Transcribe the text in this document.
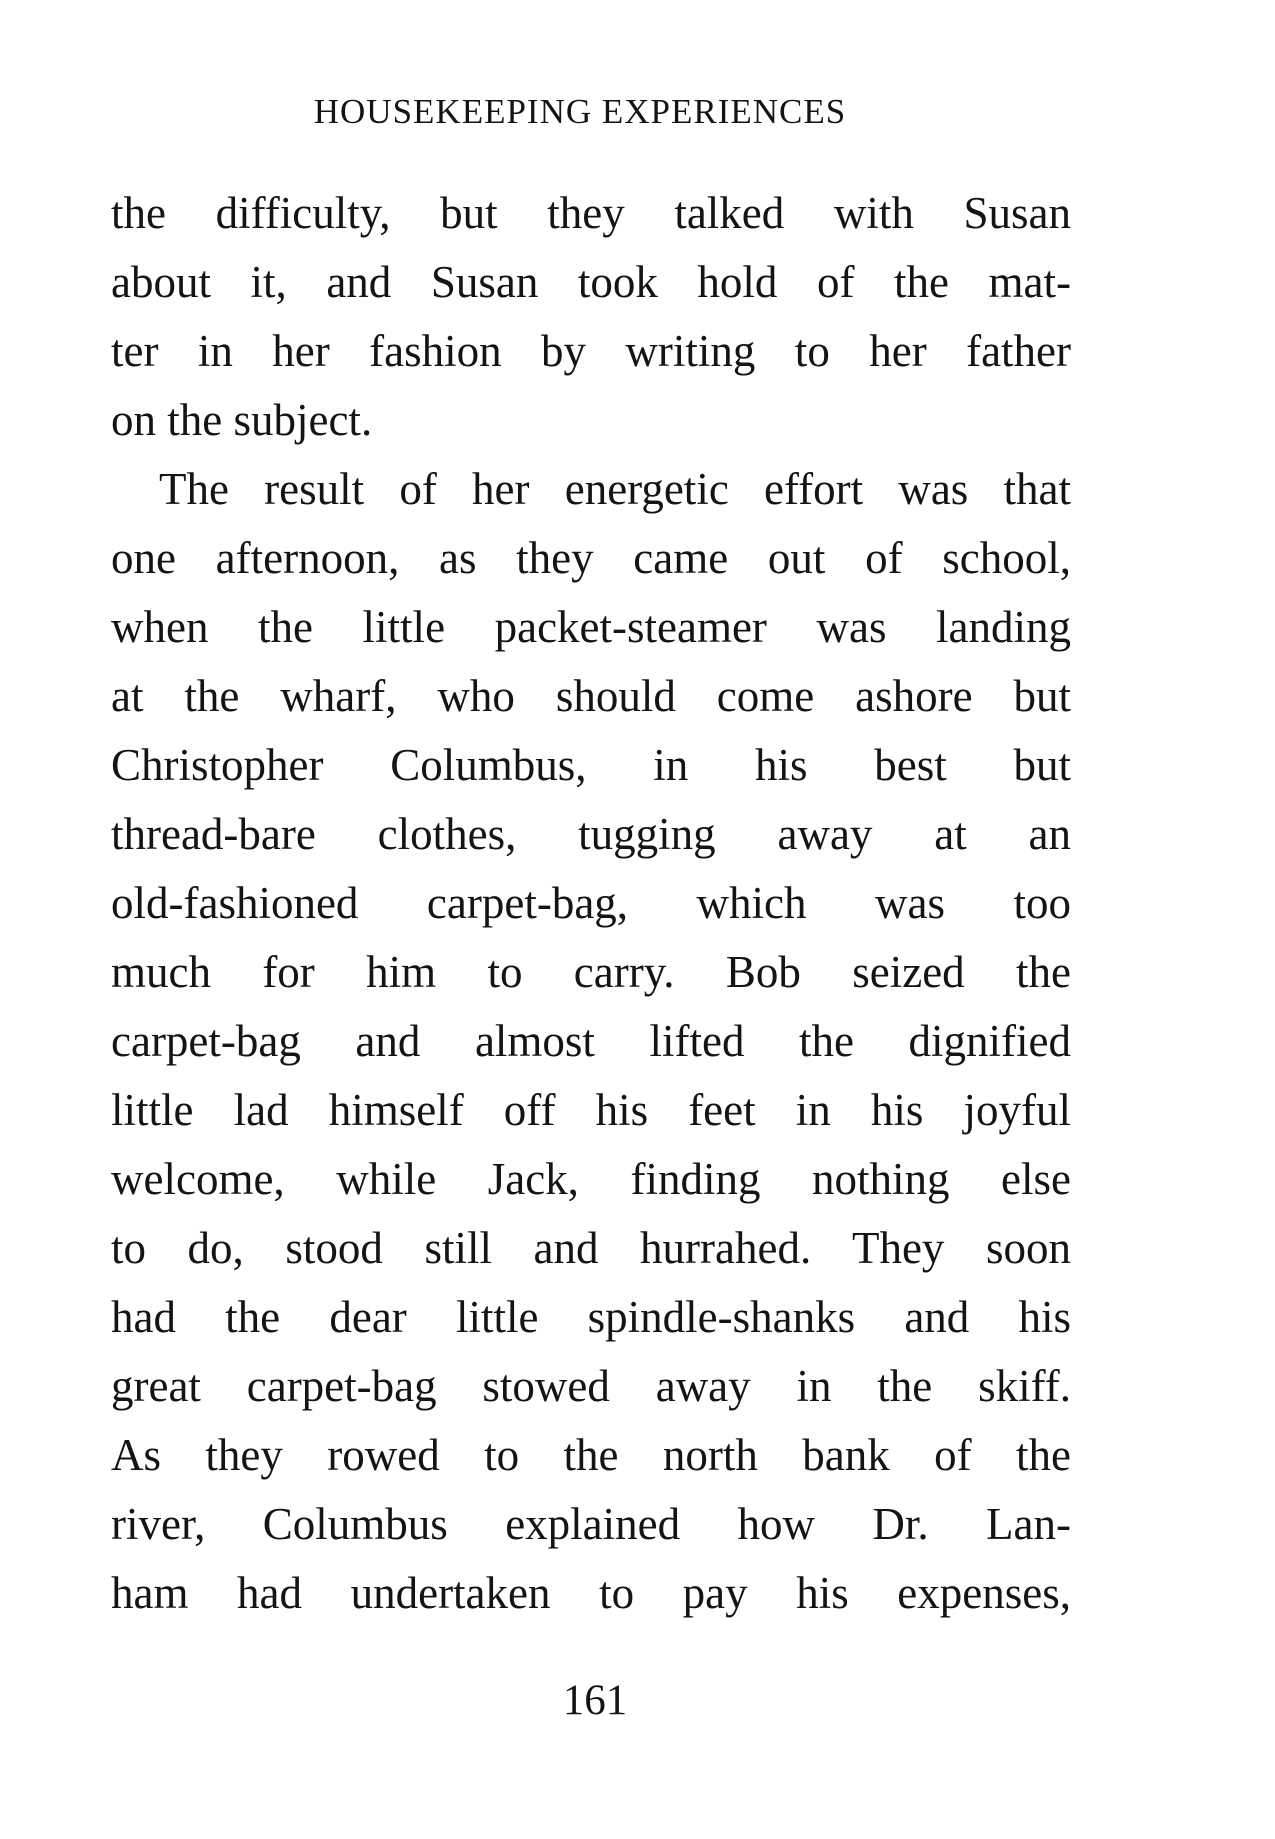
HOUSEKEEPING EXPERIENCES
the difficulty, but they talked with Susan
about it, and Susan took hold of the mat-
ter in her fashion by writing to her father
on the subject.
The result of her energetic effort was that
one afternoon, as they came out of school,
when the little packet-steamer was landing
at the wharf, who should come ashore but
Christopher Columbus, in his best but
thread-bare clothes, tugging away at an
old-fashioned carpet-bag, which was too
much for him to carry. Bob seized the
carpet-bag and almost lifted the dignified
little lad himself off his feet in his joyful
welcome, while Jack, finding nothing else
to do, stood still and hurrahed. They soon
had the dear little spindle-shanks and his
great carpet-bag stowed away in the skiff.
As they rowed to the north bank of the
river, Columbus explained how Dr. Lan-
ham had undertaken to pay his expenses,
161
